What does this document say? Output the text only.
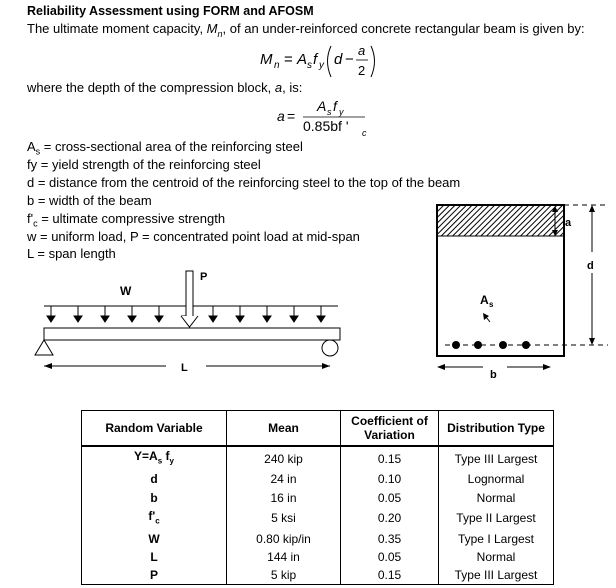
Reliability Assessment using FORM and AFOSM
The ultimate moment capacity, $M_n$, of an under-reinforced concrete rectangular beam is given by:
M n = A s f y d −
a
2
where the depth of the compression block, a, is:
a =
A s f y
0.85bf ' c
$A_s$ = cross-sectional area of the reinforcing steel
fy = yield strength of the reinforcing steel
d = distance from the centroid of the reinforcing steel to the top of the beam
b = width of the beam
$f'_c$ = ultimate compressive strength
w = uniform load, P = concentrated point load at mid-span
L = span length
W
P
L
a
d
A s
b
Random Variable	Mean	Coefficient of Variation	Distribution Type
$Y=A_s$ $f_y$	240 kip	0.15	Type III Largest
d	24 in	0.10	Lognormal
b	16 in	0.05	Normal
$f'_c$	5 ksi	0.20	Type II Largest
W	0.80 kip/in	0.35	Type I Largest
L	144 in	0.05	Normal
P	5 kip	0.15	Type III Largest
